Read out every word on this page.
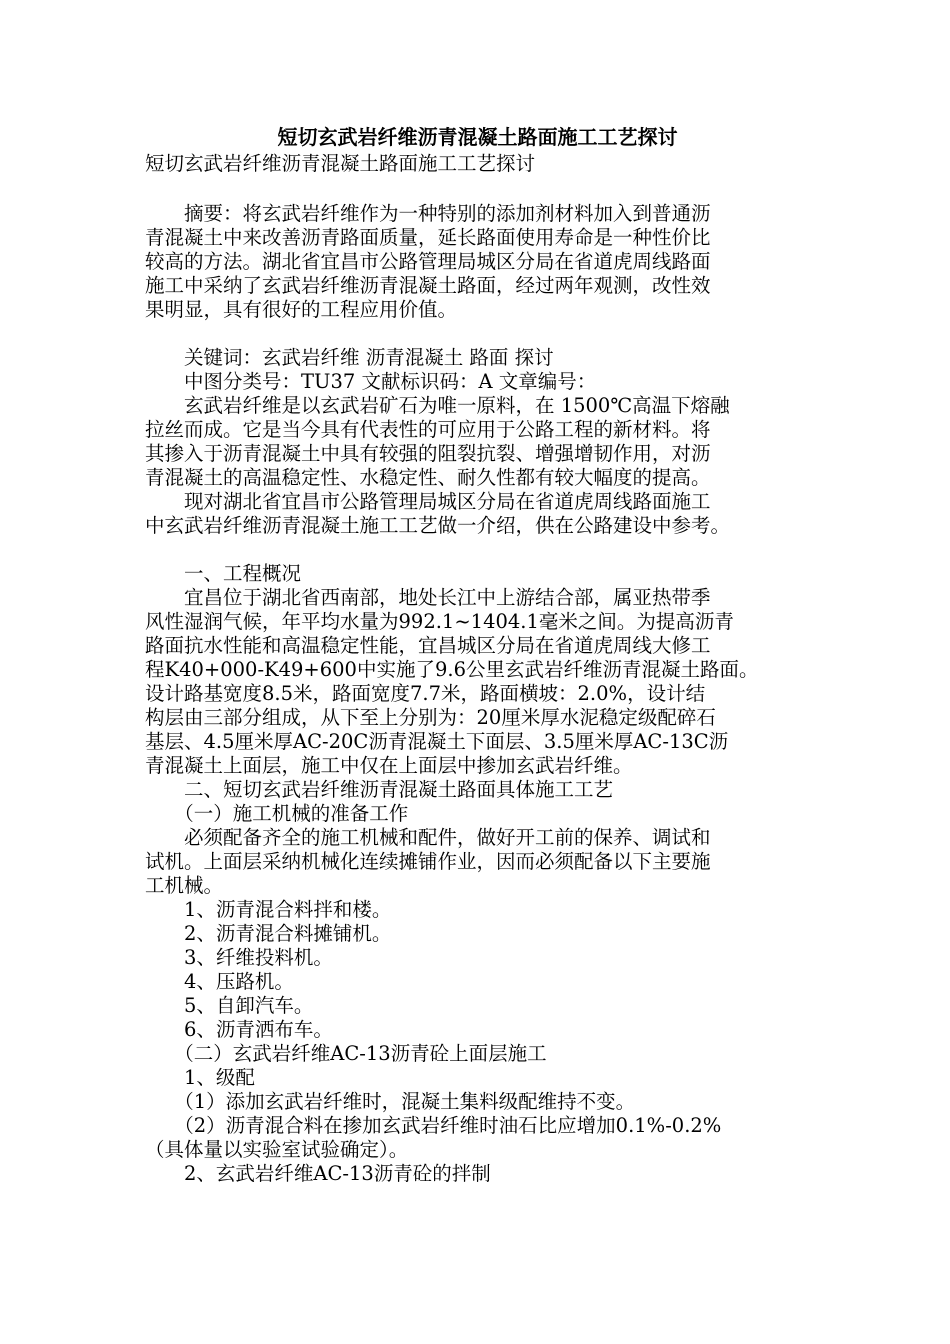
短切玄武岩纤维沥青混凝土路面施工工艺探讨
短切玄武岩纤维沥青混凝土路面施工工艺探讨
　　摘要：将玄武岩纤维作为一种特别的添加剂材料加入到普通沥
青混凝土中来改善沥青路面质量，延长路面使用寿命是一种性价比
较高的方法。湖北省宜昌市公路管理局城区分局在省道虎周线路面
施工中采纳了玄武岩纤维沥青混凝土路面，经过两年观测，改性效
果明显，具有很好的工程应用价值。
　　关键词：玄武岩纤维 沥青混凝土 路面 探讨
　　中图分类号：TU37 文献标识码：A 文章编号：
　　玄武岩纤维是以玄武岩矿石为唯一原料，在 1500℃高温下熔融
拉丝而成。它是当今具有代表性的可应用于公路工程的新材料。将
其掺入于沥青混凝土中具有较强的阻裂抗裂、增强增韧作用，对沥
青混凝土的高温稳定性、水稳定性、耐久性都有较大幅度的提高。
　　现对湖北省宜昌市公路管理局城区分局在省道虎周线路面施工
中玄武岩纤维沥青混凝土施工工艺做一介绍，供在公路建设中参考。
　　一、工程概况
　　宜昌位于湖北省西南部，地处长江中上游结合部，属亚热带季
风性湿润气候，年平均水量为992.1~1404.1毫米之间。为提高沥青
路面抗水性能和高温稳定性能，宜昌城区分局在省道虎周线大修工
程K40+000-K49+600中实施了9.6公里玄武岩纤维沥青混凝土路面。
设计路基宽度8.5米，路面宽度7.7米，路面横坡：2.0%，设计结
构层由三部分组成，从下至上分别为：20厘米厚水泥稳定级配碎石
基层、4.5厘米厚AC-20C沥青混凝土下面层、3.5厘米厚AC-13C沥
青混凝土上面层，施工中仅在上面层中掺加玄武岩纤维。
　　二、短切玄武岩纤维沥青混凝土路面具体施工工艺
　　（一）施工机械的准备工作
　　必须配备齐全的施工机械和配件，做好开工前的保养、调试和
试机。上面层采纳机械化连续摊铺作业，因而必须配备以下主要施
工机械。
　　1、沥青混合料拌和楼。
　　2、沥青混合料摊铺机。
　　3、纤维投料机。
　　4、压路机。
　　5、自卸汽车。
　　6、沥青洒布车。
　　（二）玄武岩纤维AC-13沥青砼上面层施工
　　1、级配
　　（1）添加玄武岩纤维时，混凝土集料级配维持不变。
　　（2）沥青混合料在掺加玄武岩纤维时油石比应增加0.1%-0.2%
（具体量以实验室试验确定）。
　　2、玄武岩纤维AC-13沥青砼的拌制
